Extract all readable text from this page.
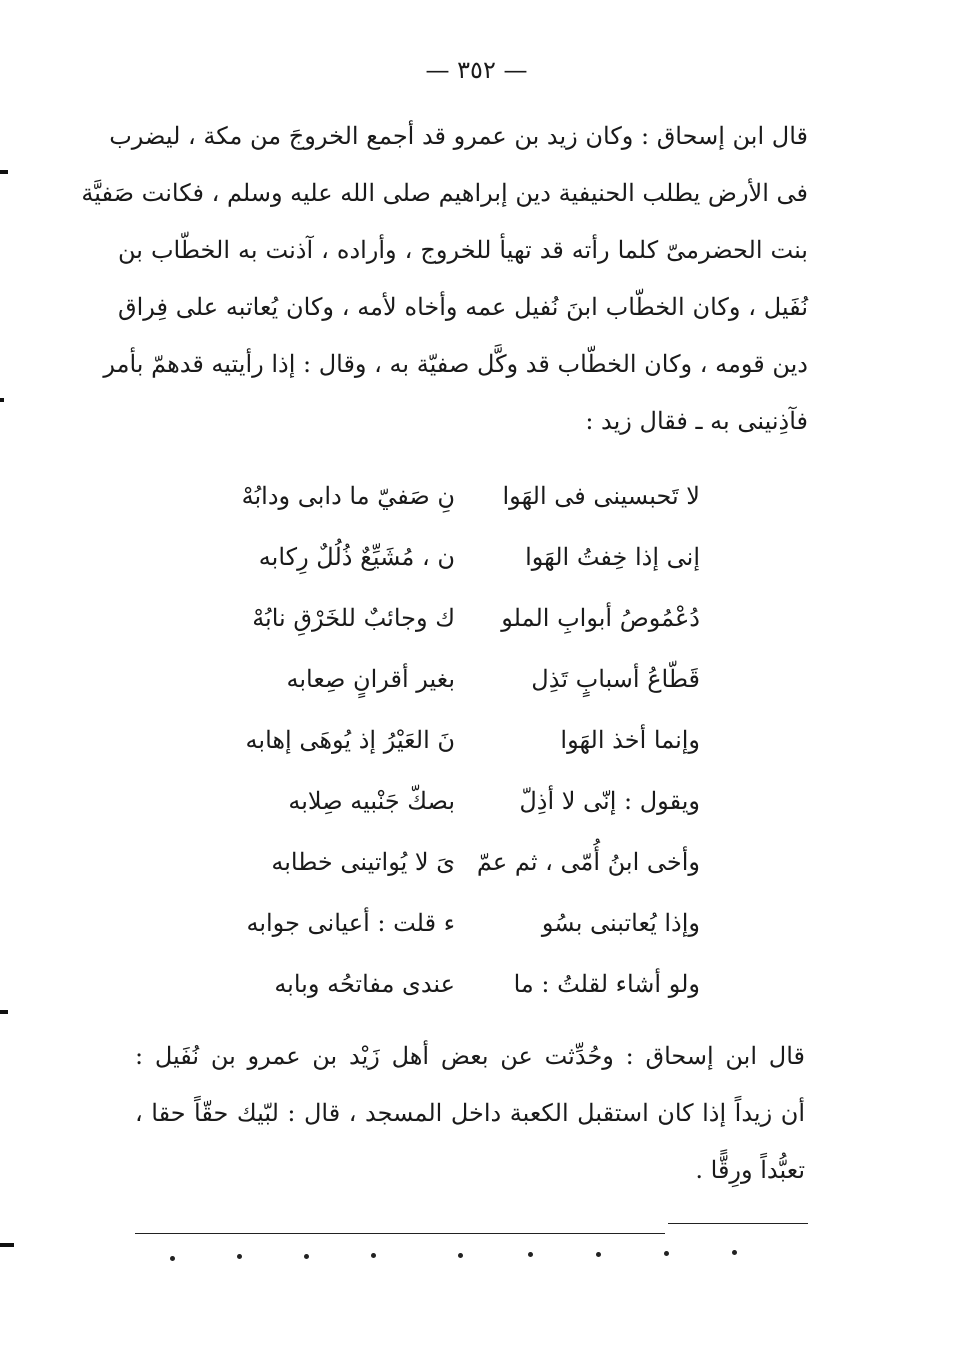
— ٣٥٢ —
قال ابن إسحاق : وكان زيد بن عمرو قد أجمع الخروجَ من مكة ، ليضرب
فى الأرض يطلب الحنيفية دين إبراهيم صلى الله عليه وسلم ، فكانت صَفيَّة
بنت الحضرمىّ كلما رأته قد تهيأ للخروج ، وأراده ، آذنت به الخطّاب بن
نُفَيل ، وكان الخطّاب ابنَ نُفيل عمه وأخاه لأمه ، وكان يُعاتبه على فِراق
دين قومه ، وكان الخطّاب قد وكَّل صفيّة به ، وقال : إذا رأيتيه قدهمّ بأمر
فآذِنينى به ـ فقال زيد :
لا تَحبسينى فى الهَوا
نِ صَفيّ ما دابى ودابُهْ
إنى إذا خِفتُ الهَوا
ن ، مُشَيِّعٌ ذُلُلٌ رِكابه
دُعْمُوصُ أبوابِ الملو
ك وجائبٌ للخَرْقِ نابُهْ
قَطّاعُ أسبابٍ تَذِل
بغير أقرانٍ صِعابه
وإنما أخذ الهَوا
نَ العَيْرُ إذ يُوهَى إهابه
ويقول : إنّى لا أذِلّ
بصكّ جَنْبيه صِلابه
وأخى ابنُ أُمّى ، ثم عمّ
ىَ لا يُواتينى خطابه
وإذا يُعاتبنى بسُو
ء قلت : أعيانى جوابه
ولو أشاء لقلتُ : ما
عندى مفاتحُه وبابه
قال ابن إسحاق : وحُدِّثت عن بعض أهل زَيْد بن عمرو بن نُفَيل :
أن زيداً إذا كان استقبل الكعبة داخل المسجد ، قال : لبّيك حقّاً حقا ،
تعبُّداً ورِقًّا .
